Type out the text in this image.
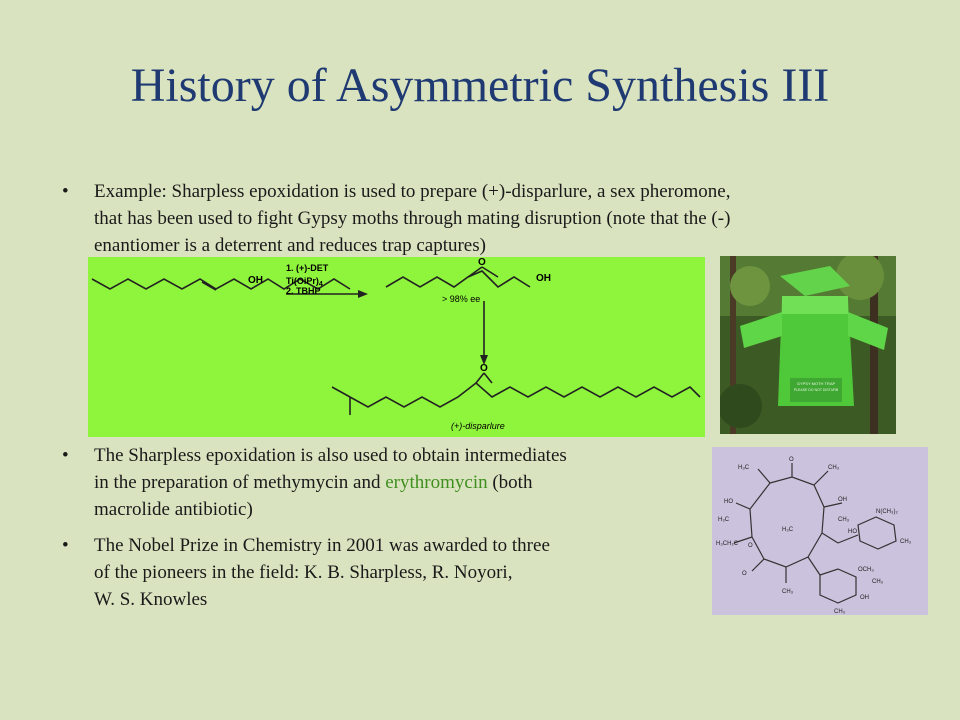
History of Asymmetric Synthesis III
• Example: Sharpless epoxidation is used to prepare (+)-disparlure, a sex pheromone,
that has been used to fight Gypsy moths through mating disruption (note that the (-)
enantiomer is a deterrent and reduces trap captures)
OH
1. (+)-DET
$Ti(OiPr)_4$
2. TBHP
O
OH
> 98% ee
O
(+)-disparlure
GYPSY MOTH TRAP
PLEASE DO NOT DISTURB
• The Sharpless epoxidation is also used to obtain intermediates
in the preparation of methymycin and erythromycin (both
macrolide antibiotic)
• The Nobel Prize in Chemistry in 2001 was awarded to three
of the pioneers in the field: K. B. Sharpless, R. Noyori,
W. S. Knowles
H₃C
O
CH₃
HO	OH
H₃C	CH₃
H₃CH₂C
H₃C
N(CH₃)₂
HO
CH₃
O
O
OCH₃
CH₃
OH
CH₃
CH₃
